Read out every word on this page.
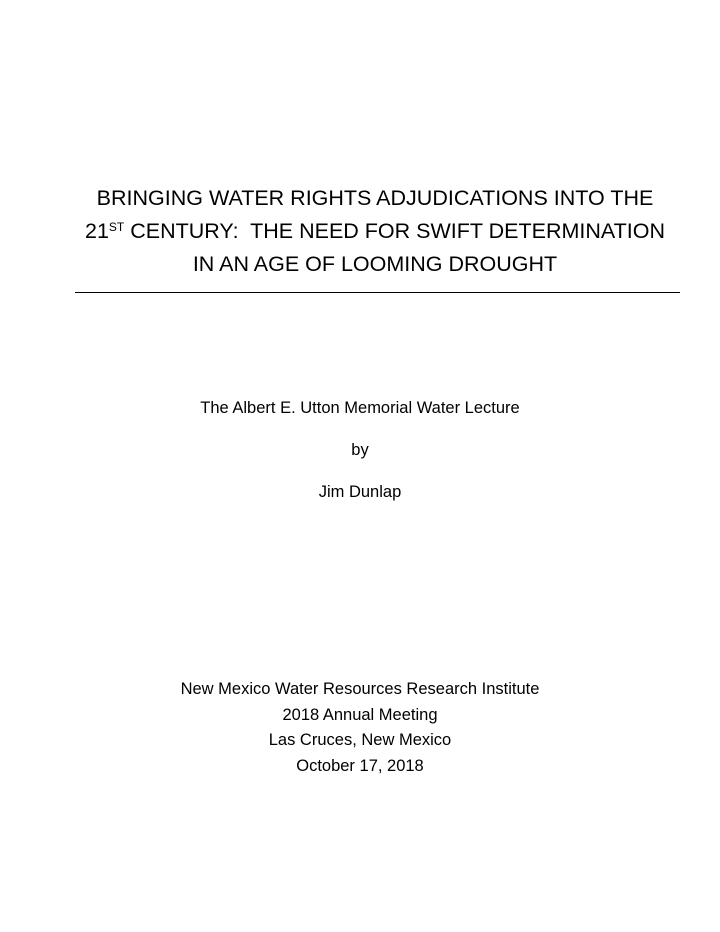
BRINGING WATER RIGHTS ADJUDICATIONS INTO THE
21ST CENTURY:  THE NEED FOR SWIFT DETERMINATION
IN AN AGE OF LOOMING DROUGHT
The Albert E. Utton Memorial Water Lecture
by
Jim Dunlap
New Mexico Water Resources Research Institute
2018 Annual Meeting
Las Cruces, New Mexico
October 17, 2018
